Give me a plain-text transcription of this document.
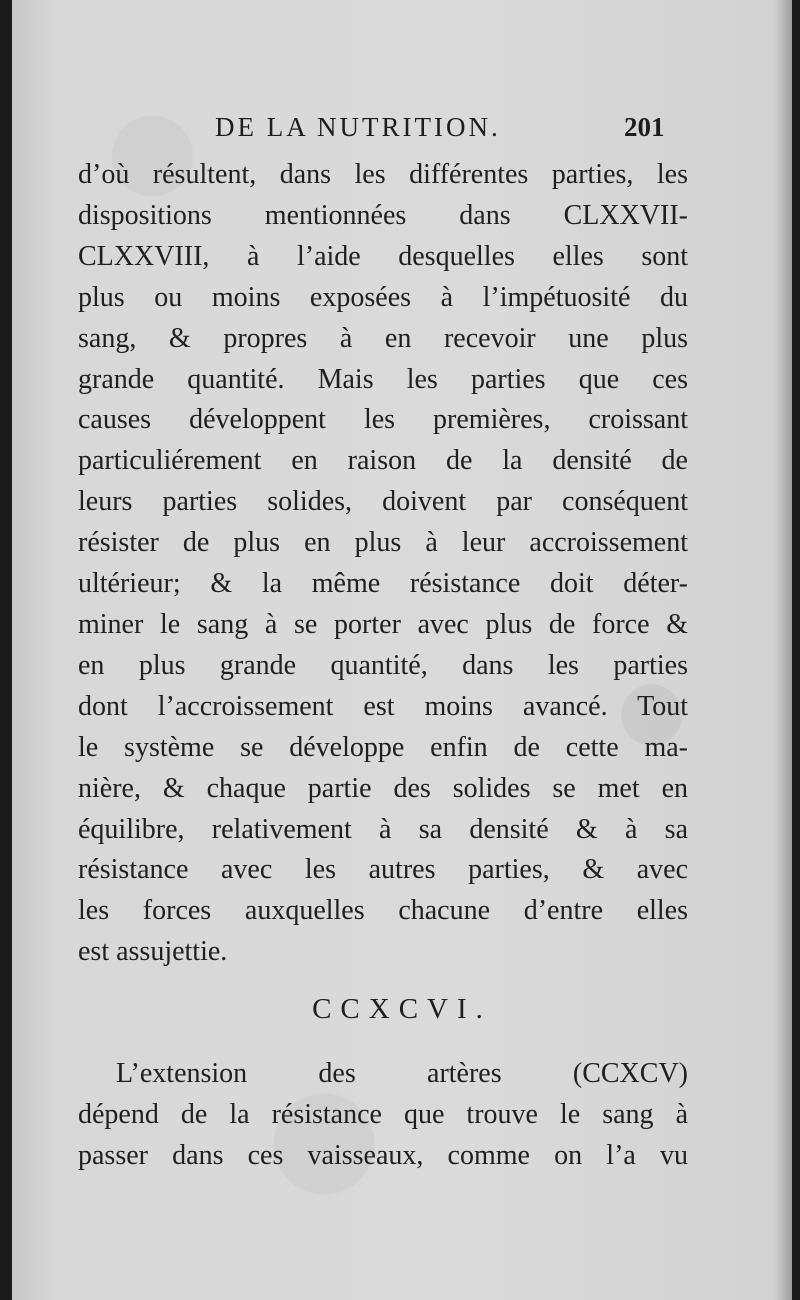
DE LA NUTRITION.	201
d’où résultent, dans les différentes parties, les
dispositions mentionnées dans CLXXVII-
CLXXVIII, à l’aide desquelles elles sont
plus ou moins exposées à l’impétuosité du
sang, & propres à en recevoir une plus
grande quantité. Mais les parties que ces
causes développent les premières, croissant
particuliérement en raison de la densité de
leurs parties solides, doivent par conséquent
résister de plus en plus à leur accroissement
ultérieur; & la même résistance doit déter-
miner le sang à se porter avec plus de force &
en plus grande quantité, dans les parties
dont l’accroissement est moins avancé. Tout
le système se développe enfin de cette ma-
nière, & chaque partie des solides se met en
équilibre, relativement à sa densité & à sa
résistance avec les autres parties, & avec
les forces auxquelles chacune d’entre elles
est assujettie.
CCXCVI.
L’extension des artères (CCXCV)
dépend de la résistance que trouve le sang à
passer dans ces vaisseaux, comme on l’a vu
